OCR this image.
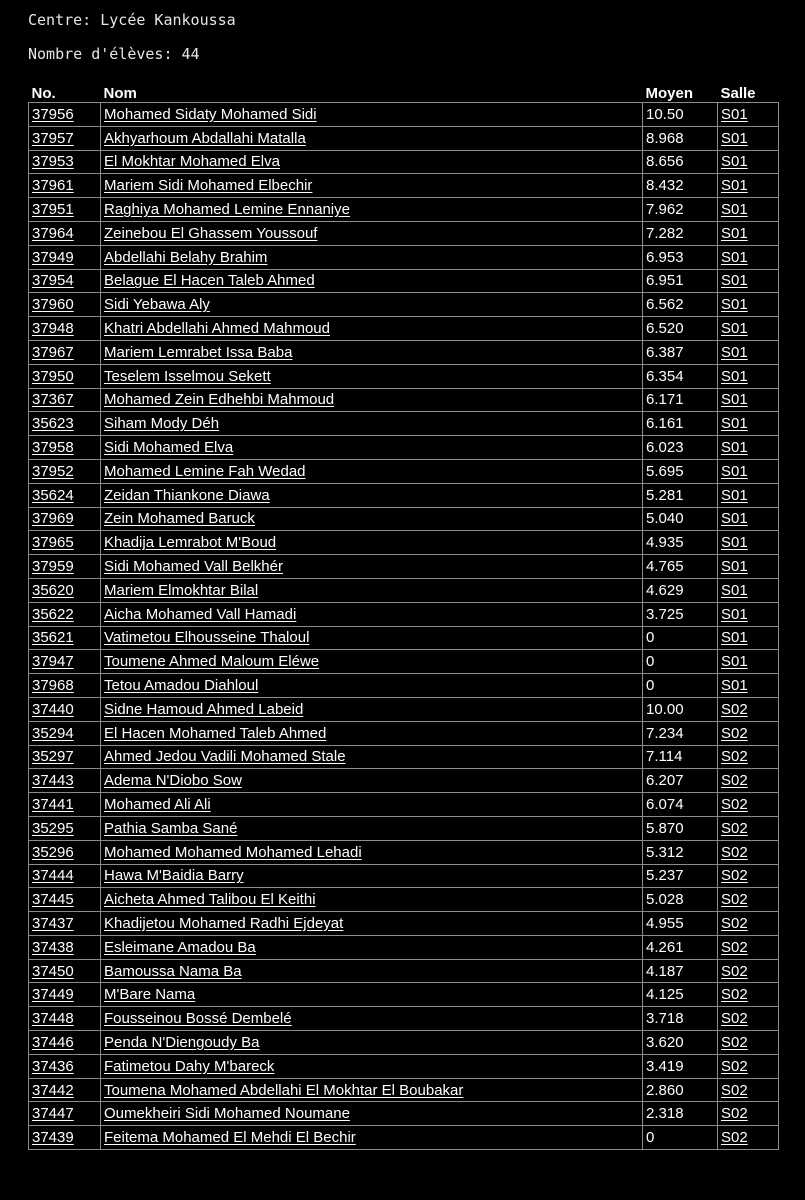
Centre: Lycée Kankoussa
Nombre d'élèves: 44
No.	Nom	Moyen	Salle
37956	Mohamed Sidaty Mohamed Sidi	10.50	S01
37957	Akhyarhoum Abdallahi Matalla	8.968	S01
37953	El Mokhtar Mohamed Elva	8.656	S01
37961	Mariem Sidi Mohamed Elbechir	8.432	S01
37951	Raghiya Mohamed Lemine Ennaniye	7.962	S01
37964	Zeinebou El Ghassem Youssouf	7.282	S01
37949	Abdellahi Belahy Brahim	6.953	S01
37954	Belague El Hacen Taleb Ahmed	6.951	S01
37960	Sidi Yebawa Aly	6.562	S01
37948	Khatri Abdellahi Ahmed Mahmoud	6.520	S01
37967	Mariem Lemrabet Issa Baba	6.387	S01
37950	Teselem Isselmou Sekett	6.354	S01
37367	Mohamed Zein Edhehbi Mahmoud	6.171	S01
35623	Siham Mody Déh	6.161	S01
37958	Sidi Mohamed Elva	6.023	S01
37952	Mohamed Lemine Fah Wedad	5.695	S01
35624	Zeidan Thiankone Diawa	5.281	S01
37969	Zein Mohamed Baruck	5.040	S01
37965	Khadija Lemrabot M'Boud	4.935	S01
37959	Sidi Mohamed Vall Belkhér	4.765	S01
35620	Mariem Elmokhtar Bilal	4.629	S01
35622	Aicha Mohamed Vall Hamadi	3.725	S01
35621	Vatimetou Elhousseine Thaloul	0	S01
37947	Toumene Ahmed Maloum Eléwe	0	S01
37968	Tetou Amadou Diahloul	0	S01
37440	Sidne Hamoud Ahmed Labeid	10.00	S02
35294	El Hacen Mohamed Taleb Ahmed	7.234	S02
35297	Ahmed Jedou Vadili Mohamed Stale	7.114	S02
37443	Adema N'Diobo Sow	6.207	S02
37441	Mohamed Ali Ali	6.074	S02
35295	Pathia Samba Sané	5.870	S02
35296	Mohamed Mohamed Mohamed Lehadi	5.312	S02
37444	Hawa M'Baidia Barry	5.237	S02
37445	Aicheta Ahmed Talibou El Keithi	5.028	S02
37437	Khadijetou Mohamed Radhi Ejdeyat	4.955	S02
37438	Esleimane Amadou Ba	4.261	S02
37450	Bamoussa Nama Ba	4.187	S02
37449	M'Bare Nama	4.125	S02
37448	Fousseinou Bossé Dembelé	3.718	S02
37446	Penda N'Diengoudy Ba	3.620	S02
37436	Fatimetou Dahy M'bareck	3.419	S02
37442	Toumena Mohamed Abdellahi El Mokhtar El Boubakar	2.860	S02
37447	Oumekheiri Sidi Mohamed Noumane	2.318	S02
37439	Feitema Mohamed El Mehdi El Bechir	0	S02
